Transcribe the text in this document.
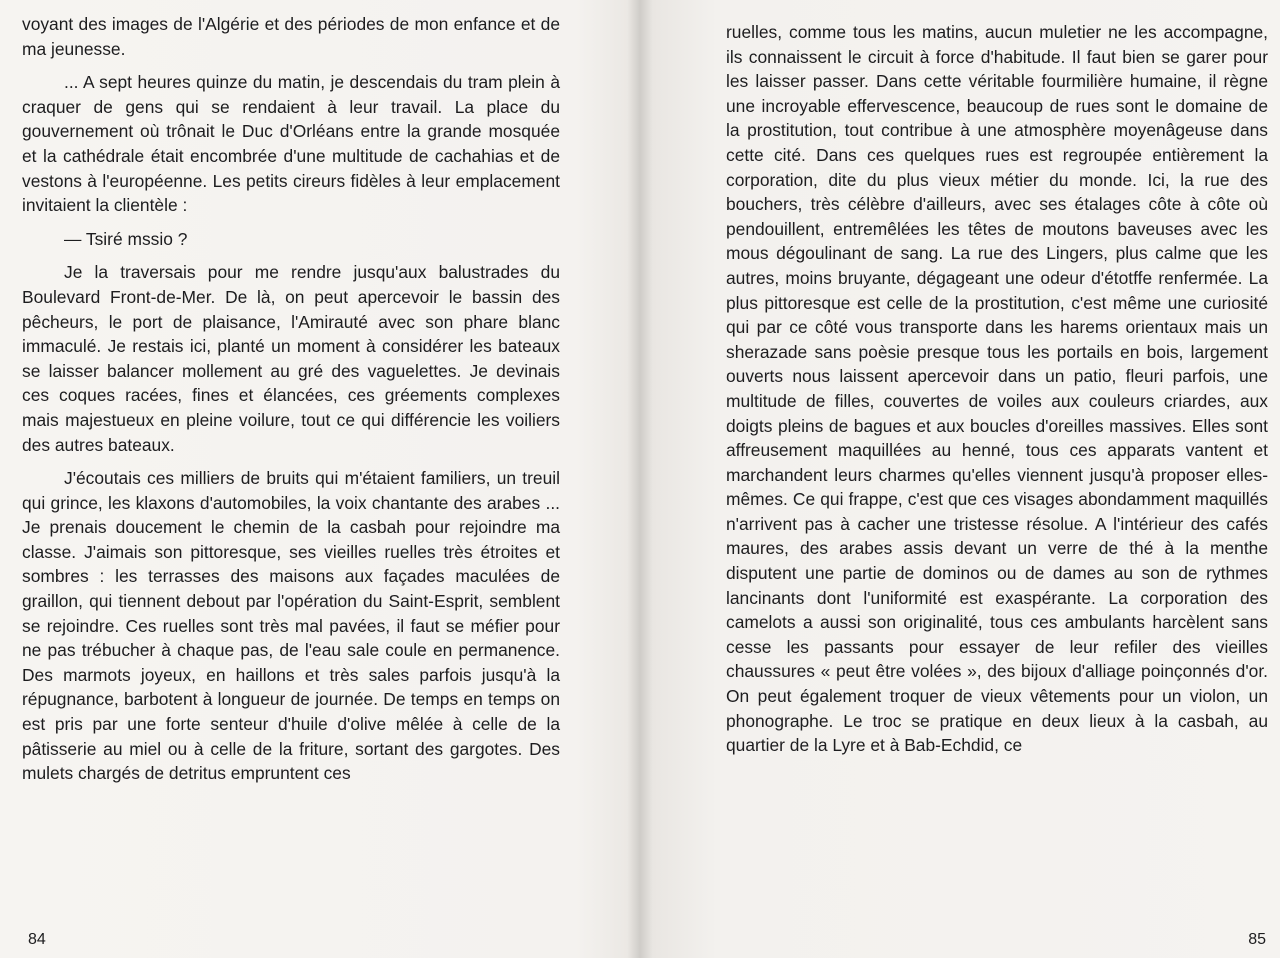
voyant des images de l'Algérie et des périodes de mon enfance et de ma jeunesse.

... A sept heures quinze du matin, je descendais du tram plein à craquer de gens qui se rendaient à leur travail. La place du gouvernement où trônait le Duc d'Orléans entre la grande mosquée et la cathédrale était encombrée d'une multitude de cachahias et de vestons à l'européenne. Les petits cireurs fidèles à leur emplacement invitaient la clientèle :

— Tsiré mssio ?

Je la traversais pour me rendre jusqu'aux balustrades du Boulevard Front-de-Mer. De là, on peut apercevoir le bassin des pêcheurs, le port de plaisance, l'Amirauté avec son phare blanc immaculé. Je restais ici, planté un moment à considérer les bateaux se laisser balancer mollement au gré des vaguelettes. Je devinais ces coques racées, fines et élancées, ces gréements complexes mais majestueux en pleine voilure, tout ce qui différencie les voiliers des autres bateaux.

J'écoutais ces milliers de bruits qui m'étaient familiers, un treuil qui grince, les klaxons d'automobiles, la voix chantante des arabes ... Je prenais doucement le chemin de la casbah pour rejoindre ma classe. J'aimais son pittoresque, ses vieilles ruelles très étroites et sombres : les terrasses des maisons aux façades maculées de graillon, qui tiennent debout par l'opération du Saint-Esprit, semblent se rejoindre. Ces ruelles sont très mal pavées, il faut se méfier pour ne pas trébucher à chaque pas, de l'eau sale coule en permanence. Des marmots joyeux, en haillons et très sales parfois jusqu'à la répugnance, barbotent à longueur de journée. De temps en temps on est pris par une forte senteur d'huile d'olive mêlée à celle de la pâtisserie au miel ou à celle de la friture, sortant des gargotes. Des mulets chargés de detritus empruntent ces

84

ruelles, comme tous les matins, aucun muletier ne les accompagne, ils connaissent le circuit à force d'habitude. Il faut bien se garer pour les laisser passer. Dans cette véritable fourmilière humaine, il règne une incroyable effervescence, beaucoup de rues sont le domaine de la prostitution, tout contribue à une atmosphère moyenâgeuse dans cette cité. Dans ces quelques rues est regroupée entièrement la corporation, dite du plus vieux métier du monde. Ici, la rue des bouchers, très célèbre d'ailleurs, avec ses étalages côte à côte où pendouillent, entremêlées les têtes de moutons baveuses avec les mous dégoulinant de sang. La rue des Lingers, plus calme que les autres, moins bruyante, dégageant une odeur d'étotffe renfermée. La plus pittoresque est celle de la prostitution, c'est même une curiosité qui par ce côté vous transporte dans les harems orientaux mais un sherazade sans poèsie presque tous les portails en bois, largement ouverts nous laissent apercevoir dans un patio, fleuri parfois, une multitude de filles, couvertes de voiles aux couleurs criardes, aux doigts pleins de bagues et aux boucles d'oreilles massives. Elles sont affreusement maquillées au henné, tous ces apparats vantent et marchandent leurs charmes qu'elles viennent jusqu'à proposer elles-mêmes. Ce qui frappe, c'est que ces visages abondamment maquillés n'arrivent pas à cacher une tristesse résolue. A l'intérieur des cafés maures, des arabes assis devant un verre de thé à la menthe disputent une partie de dominos ou de dames au son de rythmes lancinants dont l'uniformité est exaspérante. La corporation des camelots a aussi son originalité, tous ces ambulants harcèlent sans cesse les passants pour essayer de leur refiler des vieilles chaussures « peut être volées », des bijoux d'alliage poinçonnés d'or. On peut également troquer de vieux vêtements pour un violon, un phonographe. Le troc se pratique en deux lieux à la casbah, au quartier de la Lyre et à Bab-Echdid, ce

85
